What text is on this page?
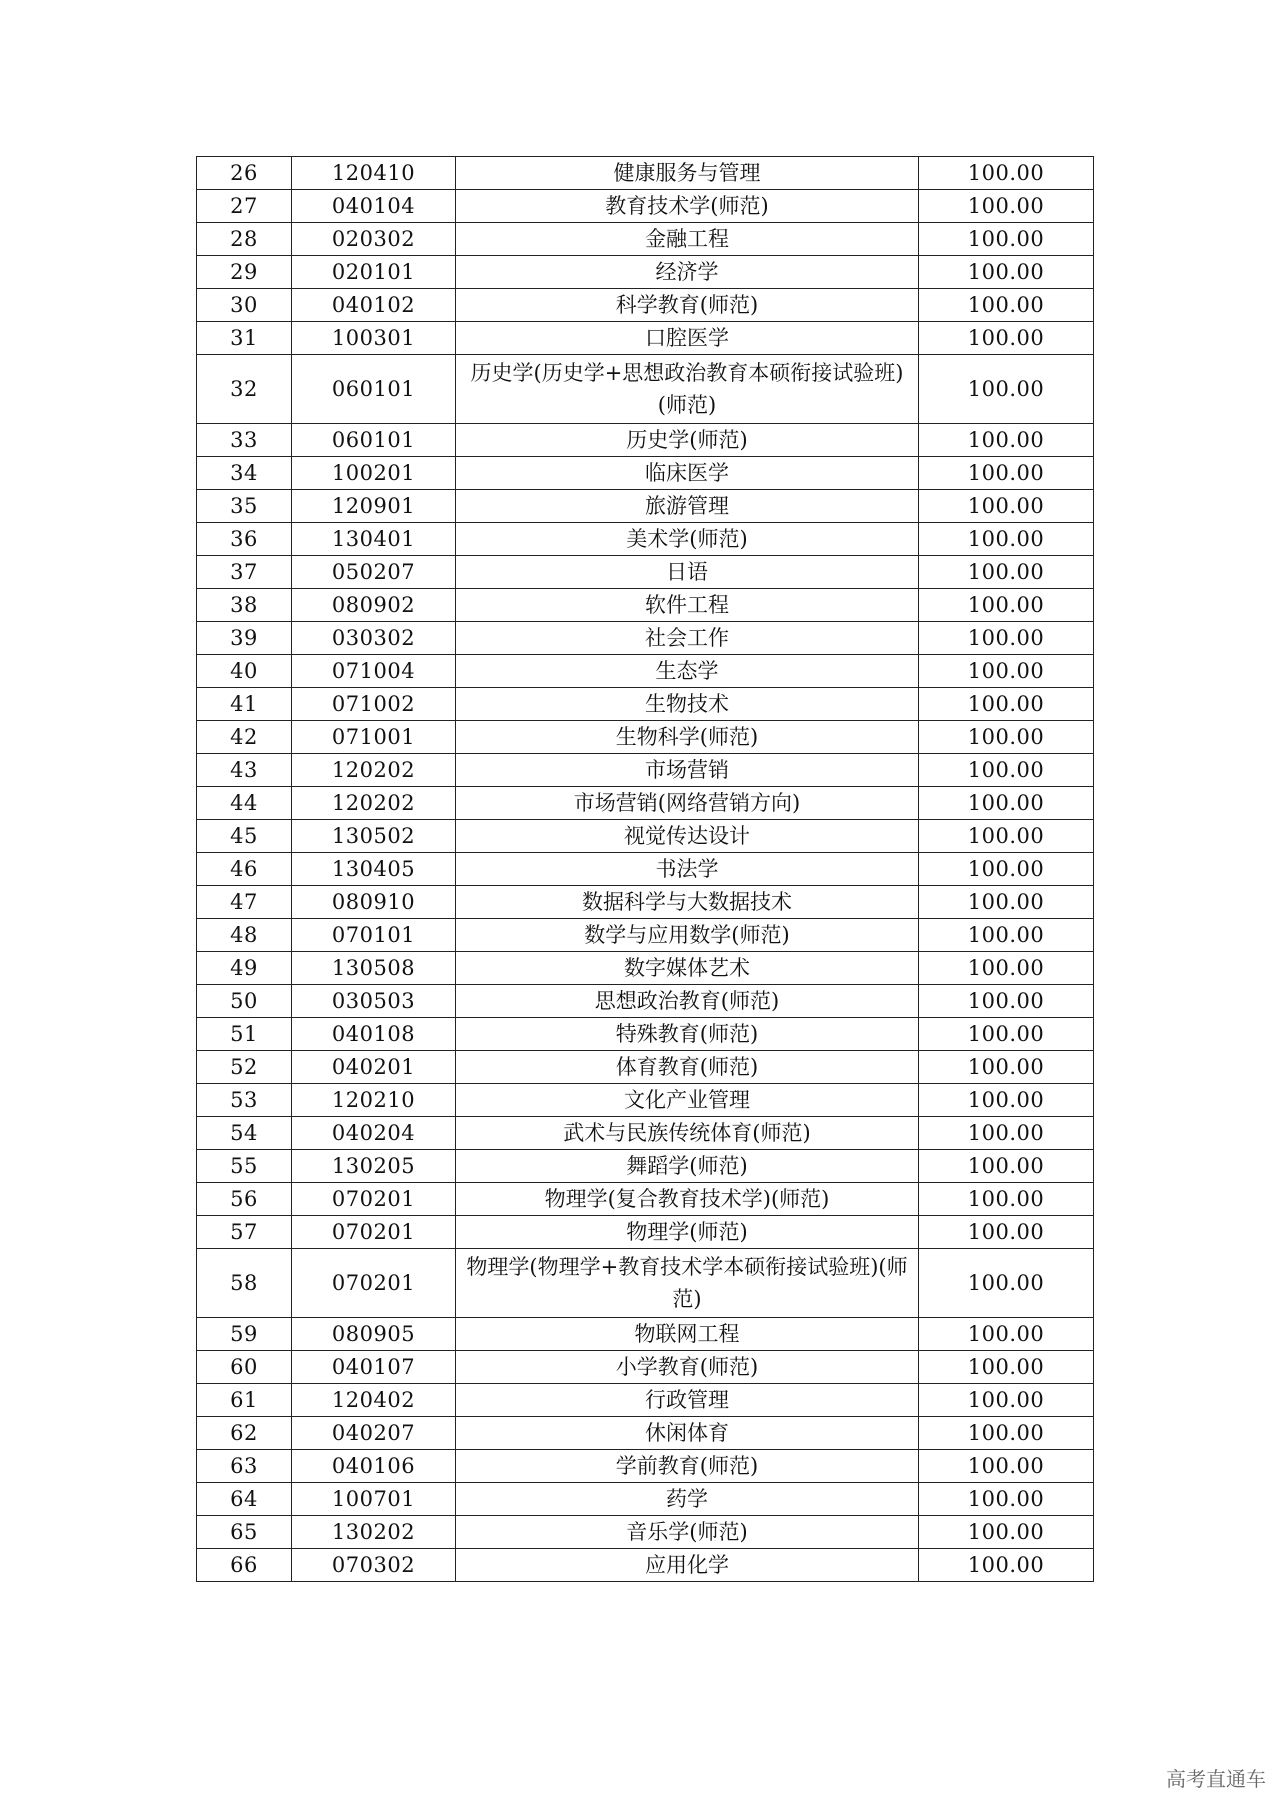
26	120410	健康服务与管理	100.00
27	040104	教育技术学(师范)	100.00
28	020302	金融工程	100.00
29	020101	经济学	100.00
30	040102	科学教育(师范)	100.00
31	100301	口腔医学	100.00
32	060101	历史学(历史学+思想政治教育本硕衔接试验班)(师范)	100.00
33	060101	历史学(师范)	100.00
34	100201	临床医学	100.00
35	120901	旅游管理	100.00
36	130401	美术学(师范)	100.00
37	050207	日语	100.00
38	080902	软件工程	100.00
39	030302	社会工作	100.00
40	071004	生态学	100.00
41	071002	生物技术	100.00
42	071001	生物科学(师范)	100.00
43	120202	市场营销	100.00
44	120202	市场营销(网络营销方向)	100.00
45	130502	视觉传达设计	100.00
46	130405	书法学	100.00
47	080910	数据科学与大数据技术	100.00
48	070101	数学与应用数学(师范)	100.00
49	130508	数字媒体艺术	100.00
50	030503	思想政治教育(师范)	100.00
51	040108	特殊教育(师范)	100.00
52	040201	体育教育(师范)	100.00
53	120210	文化产业管理	100.00
54	040204	武术与民族传统体育(师范)	100.00
55	130205	舞蹈学(师范)	100.00
56	070201	物理学(复合教育技术学)(师范)	100.00
57	070201	物理学(师范)	100.00
58	070201	物理学(物理学+教育技术学本硕衔接试验班)(师范)	100.00
59	080905	物联网工程	100.00
60	040107	小学教育(师范)	100.00
61	120402	行政管理	100.00
62	040207	休闲体育	100.00
63	040106	学前教育(师范)	100.00
64	100701	药学	100.00
65	130202	音乐学(师范)	100.00
66	070302	应用化学	100.00
高考直通车
